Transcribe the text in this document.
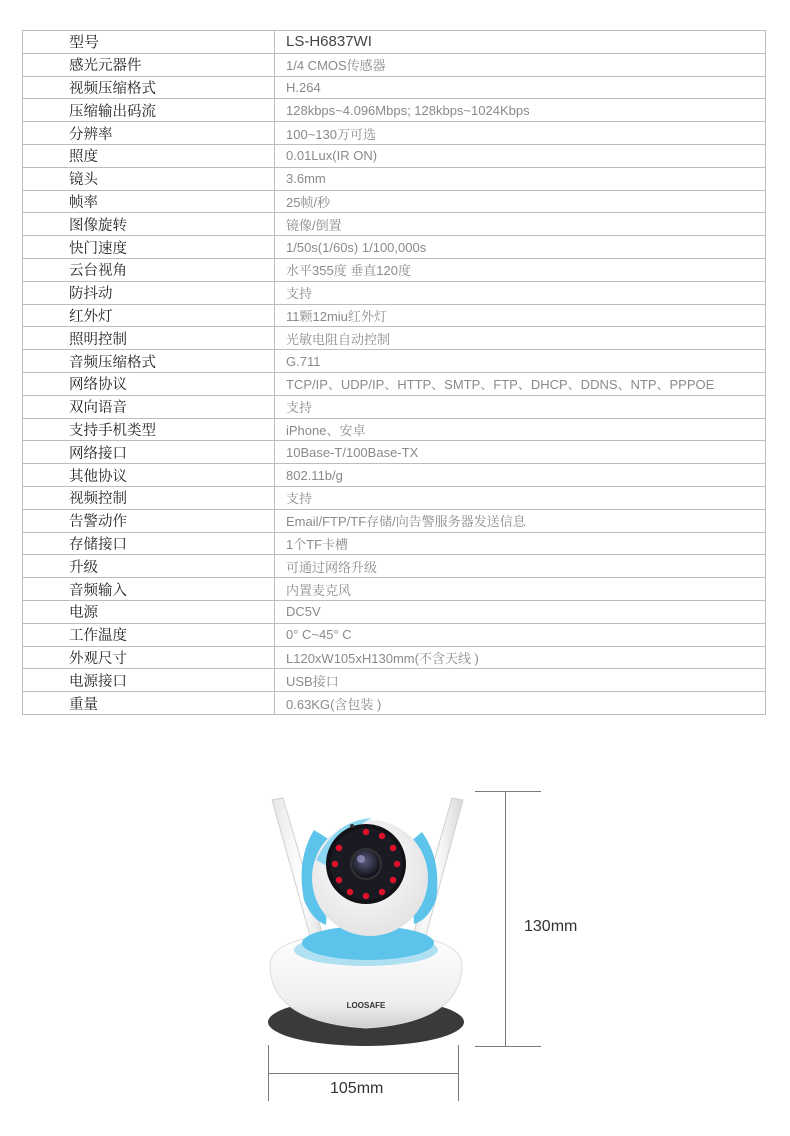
型号	LS-H6837WI
感光元器件	1/4 CMOS传感器
视频压缩格式	H.264
压缩输出码流	128kbps~4.096Mbps; 128kbps~1024Kbps
分辨率	100~130万可选
照度	0.01Lux(IR ON)
镜头	3.6mm
帧率	25帧/秒
图像旋转	镜像/倒置
快门速度	1/50s(1/60s) 1/100,000s
云台视角	水平355度 垂直120度
防抖动	支持
红外灯	11颗12miu红外灯
照明控制	光敏电阻自动控制
音频压缩格式	G.711
网络协议	TCP/IP、UDP/IP、HTTP、SMTP、FTP、DHCP、DDNS、NTP、PPPOE
双向语音	支持
支持手机类型	iPhone、安卓
网络接口	10Base-T/100Base-TX
其他协议	802.11b/g
视频控制	支持
告警动作	Email/FTP/TF存储/向告警服务器发送信息
存储接口	1个TF卡槽
升级	可通过网络升级
音频输入	内置麦克风
电源	DC5V
工作温度	0° C~45° C
外观尺寸	L120xW105xH130mm(不含天线 )
电源接口	USB接口
重量	0.63KG(含包装 )
LOOSAFE
130mm
105mm
